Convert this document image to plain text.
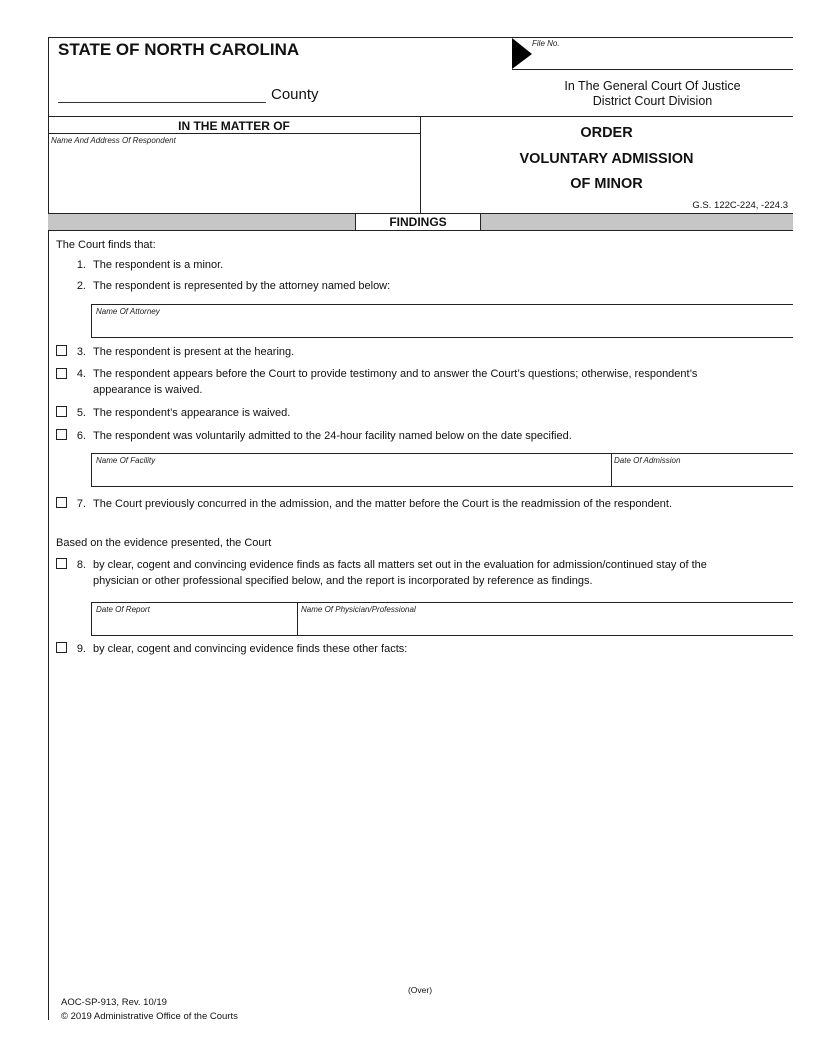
STATE OF NORTH CAROLINA
County
File No.
In The General Court Of Justice
District Court Division
IN THE MATTER OF
Name And Address Of Respondent	ORDER
VOLUNTARY ADMISSION
OF MINOR
G.S. 122C-224, -224.3
FINDINGS
The Court finds that:
1. The respondent is a minor.
2. The respondent is represented by the attorney named below:
Name Of Attorney
3. The respondent is present at the hearing.
4. The respondent appears before the Court to provide testimony and to answer the Court’s questions; otherwise, respondent’s
appearance is waived.
5. The respondent’s appearance is waived.
6. The respondent was voluntarily admitted to the 24-hour facility named below on the date specified.
Name Of Facility	Date Of Admission
7. The Court previously concurred in the admission, and the matter before the Court is the readmission of the respondent.
Based on the evidence presented, the Court
8. by clear, cogent and convincing evidence finds as facts all matters set out in the evaluation for admission/continued stay of the
physician or other professional specified below, and the report is incorporated by reference as findings.
Date Of Report	Name Of Physician/Professional
9. by clear, cogent and convincing evidence finds these other facts:
(Over)
AOC-SP-913, Rev. 10/19
© 2019 Administrative Office of the Courts
